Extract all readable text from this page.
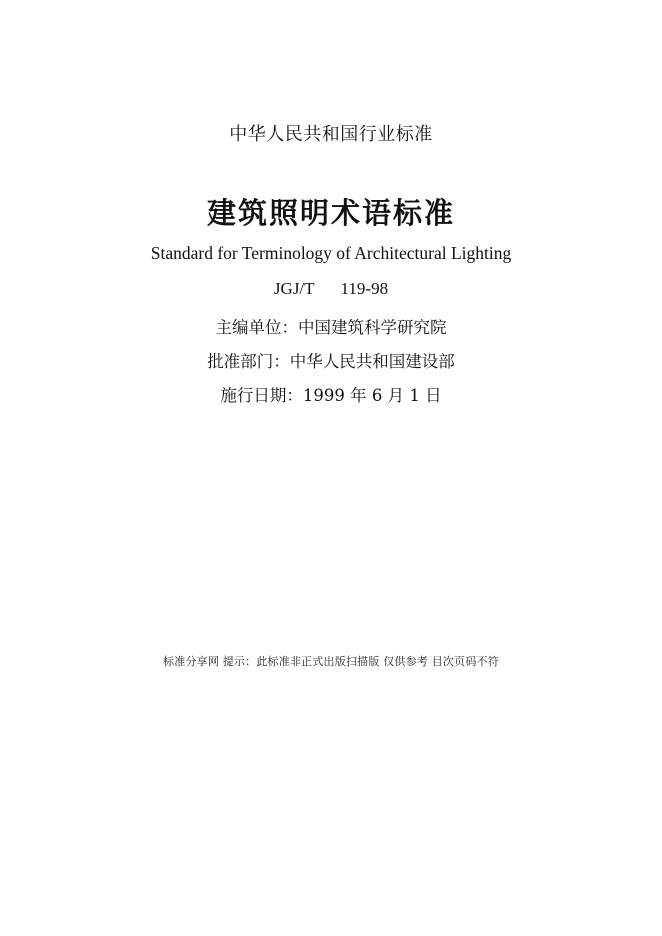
中华人民共和国行业标准
建筑照明术语标准
Standard for Terminology of Architectural Lighting
JGJ/T 119-98
主编单位：中国建筑科学研究院
批准部门：中华人民共和国建设部
施行日期：1999 年 6 月 1 日
标准分享网 提示：此标准非正式出版扫描版 仅供参考 目次页码不符
